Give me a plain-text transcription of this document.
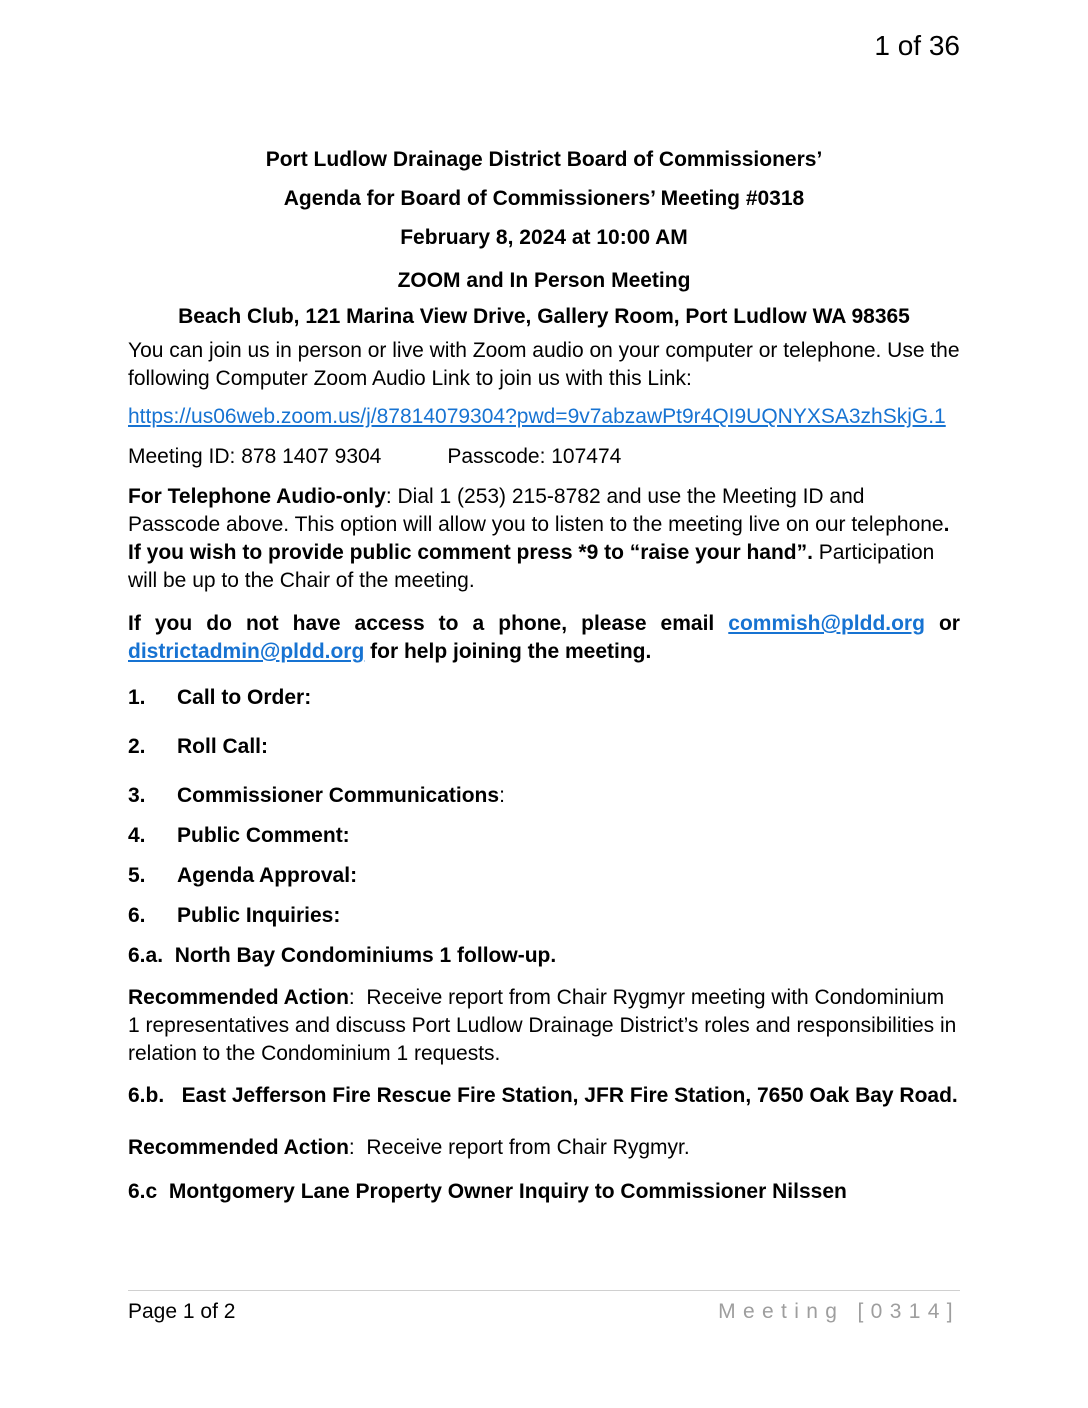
1 of 36
Port Ludlow Drainage District Board of Commissioners’
Agenda for Board of Commissioners’ Meeting #0318
February 8, 2024 at 10:00 AM
ZOOM and In Person Meeting
Beach Club, 121 Marina View Drive, Gallery Room, Port Ludlow WA 98365

You can join us in person or live with Zoom audio on your computer or telephone. Use the following Computer Zoom Audio Link to join us with this Link:

https://us06web.zoom.us/j/87814079304?pwd=9v7abzawPt9r4QI9UQNYXSA3zhSkjG.1

Meeting ID: 878 1407 9304	Passcode: 107474

For Telephone Audio-only: Dial 1 (253) 215-8782 and use the Meeting ID and Passcode above. This option will allow you to listen to the meeting live on our telephone. If you wish to provide public comment press *9 to “raise your hand”. Participation will be up to the Chair of the meeting.

If you do not have access to a phone, please email commish@pldd.org or districtadmin@pldd.org for help joining the meeting.

1.	Call to Order:
2.	Roll Call:
3.	Commissioner Communications:
4.	Public Comment:
5.	Agenda Approval:
6.	Public Inquiries:

6.a.  North Bay Condominiums 1 follow-up.

Recommended Action:  Receive report from Chair Rygmyr meeting with Condominium 1 representatives and discuss Port Ludlow Drainage District’s roles and responsibilities in relation to the Condominium 1 requests.

6.b.   East Jefferson Fire Rescue Fire Station, JFR Fire Station, 7650 Oak Bay Road.

Recommended Action:  Receive report from Chair Rygmyr.

6.c  Montgomery Lane Property Owner Inquiry to Commissioner Nilssen

Page 1 of 2	Meeting [0314]
